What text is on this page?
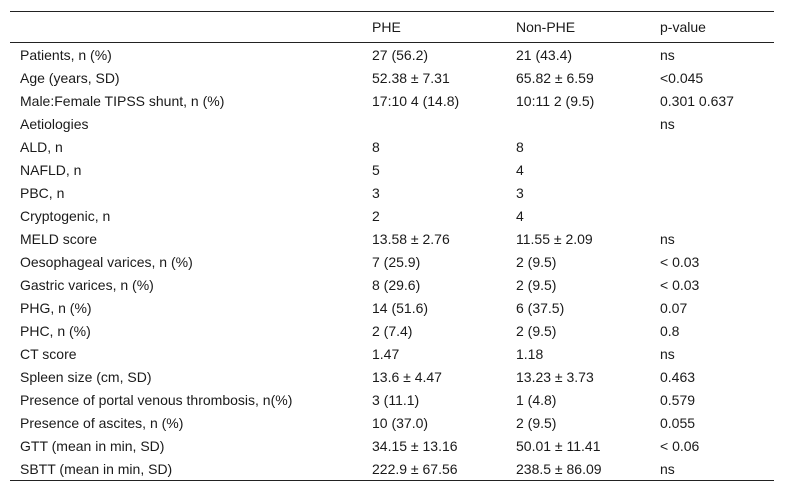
	PHE	Non-PHE	p-value
Patients, n (%)	27 (56.2)	21 (43.4)	ns
Age (years, SD)	52.38 ± 7.31	65.82 ± 6.59	<0.045
Male:Female TIPSS shunt, n (%)	17:10 4 (14.8)	10:11 2 (9.5)	0.301 0.637
Aetiologies			ns
ALD, n	8	8	
NAFLD, n	5	4	
PBC, n	3	3	
Cryptogenic, n	2	4	
MELD score	13.58 ± 2.76	11.55 ± 2.09	ns
Oesophageal varices, n (%)	7 (25.9)	2 (9.5)	< 0.03
Gastric varices, n (%)	8 (29.6)	2 (9.5)	< 0.03
PHG, n (%)	14 (51.6)	6 (37.5)	0.07
PHC, n (%)	2 (7.4)	2 (9.5)	0.8
CT score	1.47	1.18	ns
Spleen size (cm, SD)	13.6 ± 4.47	13.23 ± 3.73	0.463
Presence of portal venous thrombosis, n(%)	3 (11.1)	1 (4.8)	0.579
Presence of ascites, n (%)	10 (37.0)	2 (9.5)	0.055
GTT (mean in min, SD)	34.15 ± 13.16	50.01 ± 11.41	< 0.06
SBTT (mean in min, SD)	222.9 ± 67.56	238.5 ± 86.09	ns
